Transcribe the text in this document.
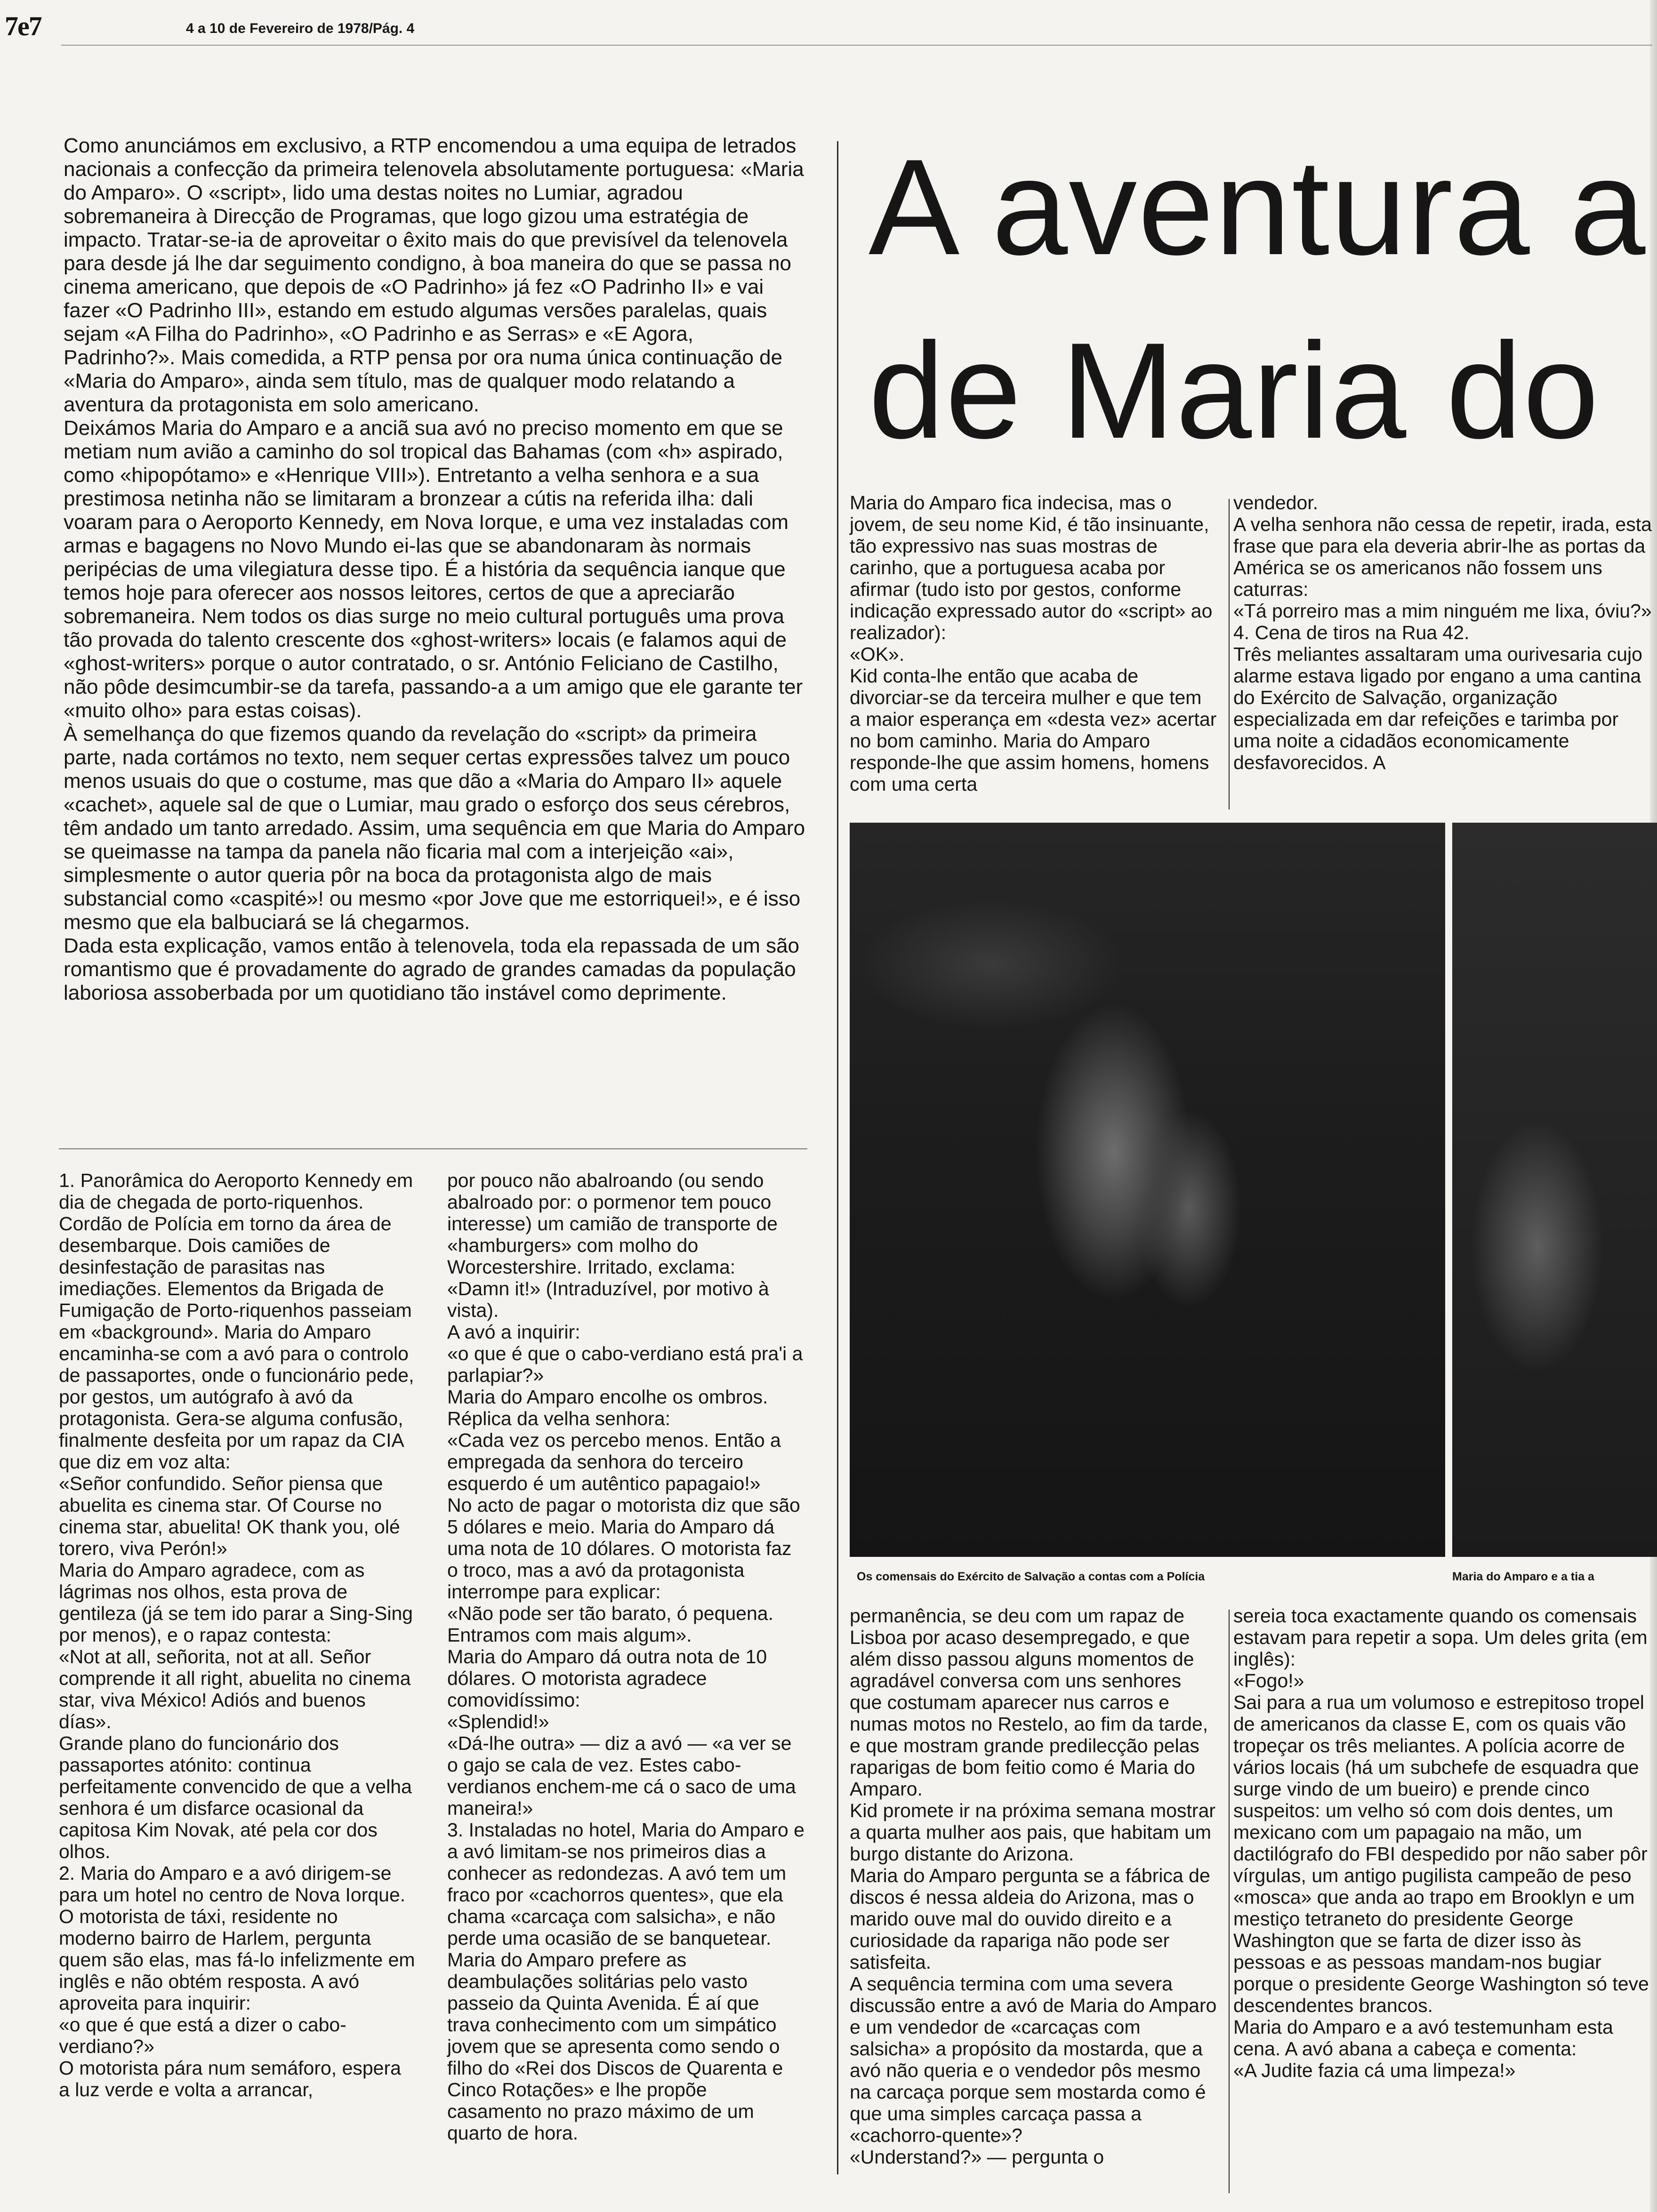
7e7	4 a 10 de Fevereiro de 1978/Pág. 4
Como anunciámos em exclusivo, a RTP encomendou a uma equipa de letrados nacionais a confecção da primeira telenovela absolutamente portuguesa: «Maria do Amparo». O «script», lido uma destas noites no Lumiar, agradou sobremaneira à Direcção de Programas, que logo gizou uma estratégia de impacto. Tratar-se-ia de aproveitar o êxito mais do que previsível da telenovela para desde já lhe dar seguimento condigno, à boa maneira do que se passa no cinema americano, que depois de «O Padrinho» já fez «O Padrinho II» e vai fazer «O Padrinho III», estando em estudo algumas versões paralelas, quais sejam «A Filha do Padrinho», «O Padrinho e as Serras» e «E Agora, Padrinho?». Mais comedida, a RTP pensa por ora numa única continuação de «Maria do Amparo», ainda sem título, mas de qualquer modo relatando a aventura da protagonista em solo americano.
Deixámos Maria do Amparo e a anciã sua avó no preciso momento em que se metiam num avião a caminho do sol tropical das Bahamas (com «h» aspirado, como «hipopótamo» e «Henrique VIII»). Entretanto a velha senhora e a sua prestimosa netinha não se limitaram a bronzear a cútis na referida ilha: dali voaram para o Aeroporto Kennedy, em Nova Iorque, e uma vez instaladas com armas e bagagens no Novo Mundo ei-las que se abandonaram às normais peripécias de uma vilegiatura desse tipo. É a história da sequência ianque que temos hoje para oferecer aos nossos leitores, certos de que a apreciarão sobremaneira. Nem todos os dias surge no meio cultural português uma prova tão provada do talento crescente dos «ghost-writers» locais (e falamos aqui de «ghost-writers» porque o autor contratado, o sr. António Feliciano de Castilho, não pôde desimcumbir-se da tarefa, passando-a a um amigo que ele garante ter «muito olho» para estas coisas).
À semelhança do que fizemos quando da revelação do «script» da primeira parte, nada cortámos no texto, nem sequer certas expressões talvez um pouco menos usuais do que o costume, mas que dão a «Maria do Amparo II» aquele «cachet», aquele sal de que o Lumiar, mau grado o esforço dos seus cérebros, têm andado um tanto arredado. Assim, uma sequência em que Maria do Amparo se queimasse na tampa da panela não ficaria mal com a interjeição «ai», simplesmente o autor queria pôr na boca da protagonista algo de mais substancial como «caspité»! ou mesmo «por Jove que me estorriquei!», e é isso mesmo que ela balbuciará se lá chegarmos.
Dada esta explicação, vamos então à telenovela, toda ela repassada de um são romantismo que é provadamente do agrado de grandes camadas da população laboriosa assoberbada por um quotidiano tão instável como deprimente.
A aventura a
de Maria do
1. Panorâmica do Aeroporto Kennedy em dia de chegada de porto-riquenhos. Cordão de Polícia em torno da área de desembarque. Dois camiões de desinfestação de parasitas nas imediações. Elementos da Brigada de Fumigação de Porto-riquenhos passeiam em «background». Maria do Amparo encaminha-se com a avó para o controlo de passaportes, onde o funcionário pede, por gestos, um autógrafo à avó da protagonista. Gera-se alguma confusão, finalmente desfeita por um rapaz da CIA que diz em voz alta:
«Señor confundido. Señor piensa que abuelita es cinema star. Of Course no cinema star, abuelita! OK thank you, olé torero, viva Perón!»
Maria do Amparo agradece, com as lágrimas nos olhos, esta prova de gentileza (já se tem ido parar a Sing-Sing por menos), e o rapaz contesta:
«Not at all, señorita, not at all. Señor comprende it all right, abuelita no cinema star, viva México! Adiós and buenos días».
Grande plano do funcionário dos passaportes atónito: continua perfeitamente convencido de que a velha senhora é um disfarce ocasional da capitosa Kim Novak, até pela cor dos olhos.
2. Maria do Amparo e a avó dirigem-se para um hotel no centro de Nova Iorque. O motorista de táxi, residente no moderno bairro de Harlem, pergunta quem são elas, mas fá-lo infelizmente em inglês e não obtém resposta. A avó aproveita para inquirir:
«o que é que está a dizer o cabo-verdiano?»
O motorista pára num semáforo, espera a luz verde e volta a arrancar,
por pouco não abalroando (ou sendo abalroado por: o pormenor tem pouco interesse) um camião de transporte de «hamburgers» com molho do Worcestershire. Irritado, exclama:
«Damn it!» (Intraduzível, por motivo à vista).
A avó a inquirir:
«o que é que o cabo-verdiano está pra'i a parlapiar?»
Maria do Amparo encolhe os ombros. Réplica da velha senhora:
«Cada vez os percebo menos. Então a empregada da senhora do terceiro esquerdo é um autêntico papagaio!»
No acto de pagar o motorista diz que são 5 dólares e meio. Maria do Amparo dá uma nota de 10 dólares. O motorista faz o troco, mas a avó da protagonista interrompe para explicar:
«Não pode ser tão barato, ó pequena. Entramos com mais algum».
Maria do Amparo dá outra nota de 10 dólares. O motorista agradece comovidíssimo:
«Splendid!»
«Dá-lhe outra» — diz a avó — «a ver se o gajo se cala de vez. Estes cabo-verdianos enchem-me cá o saco de uma maneira!»
3. Instaladas no hotel, Maria do Amparo e a avó limitam-se nos primeiros dias a conhecer as redondezas. A avó tem um fraco por «cachorros quentes», que ela chama «carcaça com salsicha», e não perde uma ocasião de se banquetear. Maria do Amparo prefere as deambulações solitárias pelo vasto passeio da Quinta Avenida. É aí que trava conhecimento com um simpático jovem que se apresenta como sendo o filho do «Rei dos Discos de Quarenta e Cinco Rotações» e lhe propõe casamento no prazo máximo de um quarto de hora.
Maria do Amparo fica indecisa, mas o jovem, de seu nome Kid, é tão insinuante, tão expressivo nas suas mostras de carinho, que a portuguesa acaba por afirmar (tudo isto por gestos, conforme indicação expressado autor do «script» ao realizador):
«OK».
Kid conta-lhe então que acaba de divorciar-se da terceira mulher e que tem a maior esperança em «desta vez» acertar no bom caminho. Maria do Amparo responde-lhe que assim homens, homens com uma certa
vendedor.
A velha senhora não cessa de repetir, irada, esta frase que para ela deveria abrir-lhe as portas da América se os americanos não fossem uns caturras:
«Tá porreiro mas a mim ninguém me lixa, óviu?»
4. Cena de tiros na Rua 42.
Três meliantes assaltaram uma ourivesaria cujo alarme estava ligado por engano a uma cantina do Exército de Salvação, organização especializada em dar refeições e tarimba por uma noite a cidadãos economicamente desfavorecidos. A
Os comensais do Exército de Salvação a contas com a Polícia	Maria do Amparo e a tia a
permanência, se deu com um rapaz de Lisboa por acaso desempregado, e que além disso passou alguns momentos de agradável conversa com uns senhores que costumam aparecer nus carros e numas motos no Restelo, ao fim da tarde, e que mostram grande predilecção pelas raparigas de bom feitio como é Maria do Amparo.
Kid promete ir na próxima semana mostrar a quarta mulher aos pais, que habitam um burgo distante do Arizona.
Maria do Amparo pergunta se a fábrica de discos é nessa aldeia do Arizona, mas o marido ouve mal do ouvido direito e a curiosidade da rapariga não pode ser satisfeita.
A sequência termina com uma severa discussão entre a avó de Maria do Amparo e um vendedor de «carcaças com salsicha» a propósito da mostarda, que a avó não queria e o vendedor pôs mesmo na carcaça porque sem mostarda como é que uma simples carcaça passa a «cachorro-quente»?
«Understand?» — pergunta o
sereia toca exactamente quando os comensais estavam para repetir a sopa. Um deles grita (em inglês):
«Fogo!»
Sai para a rua um volumoso e estrepitoso tropel de americanos da classe E, com os quais vão tropeçar os três meliantes. A polícia acorre de vários locais (há um subchefe de esquadra que surge vindo de um bueiro) e prende cinco suspeitos: um velho só com dois dentes, um mexicano com um papagaio na mão, um dactilógrafo do FBI despedido por não saber pôr vírgulas, um antigo pugilista campeão de peso «mosca» que anda ao trapo em Brooklyn e um mestiço tetraneto do presidente George Washington que se farta de dizer isso às pessoas e as pessoas mandam-nos bugiar porque o presidente George Washington só teve descendentes brancos.
Maria do Amparo e a avó testemunham esta cena. A avó abana a cabeça e comenta:
«A Judite fazia cá uma limpeza!»
